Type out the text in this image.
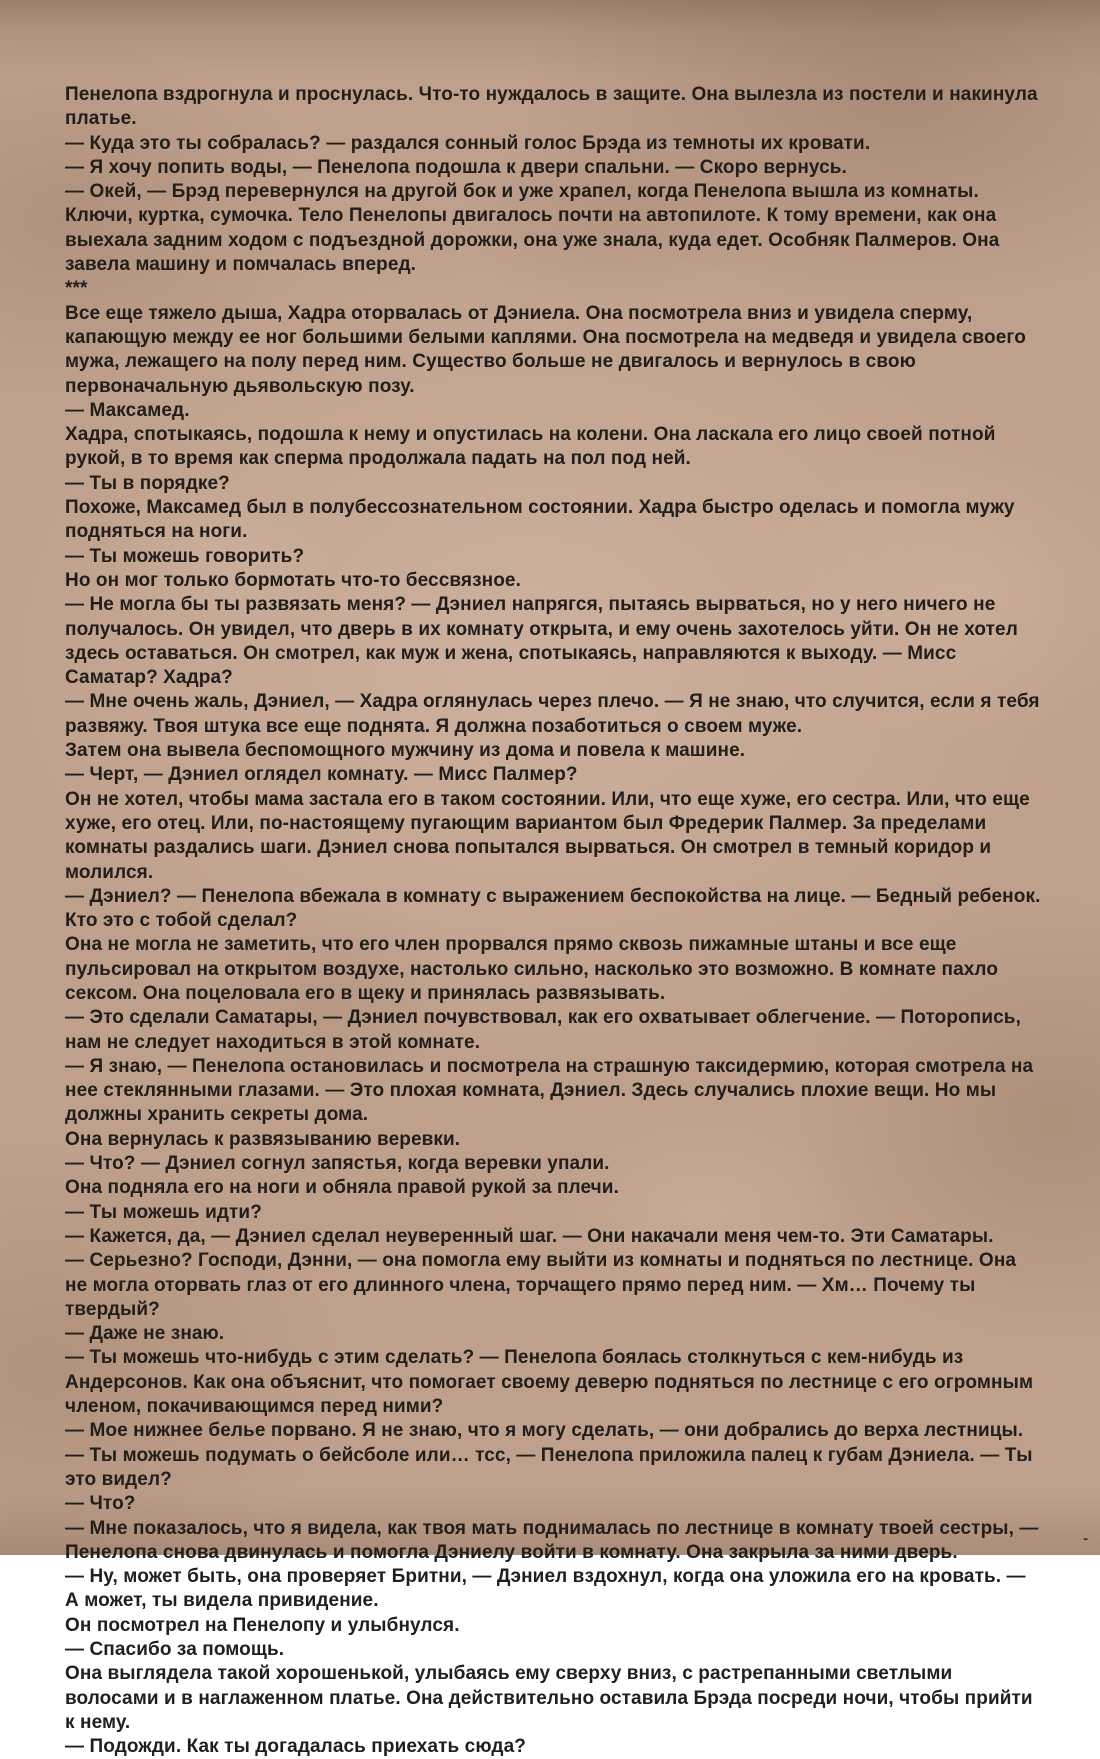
Пенелопа вздрогнула и проснулась. Что-то нуждалось в защите. Она вылезла из постели и накинула платье.

— Куда это ты собралась? — раздался сонный голос Брэда из темноты их кровати.

— Я хочу попить воды, — Пенелопа подошла к двери спальни. — Скоро вернусь.

— Окей, — Брэд перевернулся на другой бок и уже храпел, когда Пенелопа вышла из комнаты.

Ключи, куртка, сумочка. Тело Пенелопы двигалось почти на автопилоте. К тому времени, как она выехала задним ходом с подъездной дорожки, она уже знала, куда едет. Особняк Палмеров. Она завела машину и помчалась вперед.

***

Все еще тяжело дыша, Хадра оторвалась от Дэниела. Она посмотрела вниз и увидела сперму, капающую между ее ног большими белыми каплями. Она посмотрела на медведя и увидела своего мужа, лежащего на полу перед ним. Существо больше не двигалось и вернулось в свою первоначальную дьявольскую позу.

— Максамед.

Хадра, спотыкаясь, подошла к нему и опустилась на колени. Она ласкала его лицо своей потной рукой, в то время как сперма продолжала падать на пол под ней.

— Ты в порядке?

Похоже, Максамед был в полубессознательном состоянии. Хадра быстро оделась и помогла мужу подняться на ноги.

— Ты можешь говорить?

Но он мог только бормотать что-то бессвязное.

— Не могла бы ты развязать меня? — Дэниел напрягся, пытаясь вырваться, но у него ничего не получалось. Он увидел, что дверь в их комнату открыта, и ему очень захотелось уйти. Он не хотел здесь оставаться. Он смотрел, как муж и жена, спотыкаясь, направляются к выходу. — Мисс Саматар? Хадра?

— Мне очень жаль, Дэниел, — Хадра оглянулась через плечо. — Я не знаю, что случится, если я тебя развяжу. Твоя штука все еще поднята. Я должна позаботиться о своем муже.

Затем она вывела беспомощного мужчину из дома и повела к машине.

— Черт, — Дэниел оглядел комнату. — Мисс Палмер?

Он не хотел, чтобы мама застала его в таком состоянии. Или, что еще хуже, его сестра. Или, что еще хуже, его отец. Или, по-настоящему пугающим вариантом был Фредерик Палмер. За пределами комнаты раздались шаги. Дэниел снова попытался вырваться. Он смотрел в темный коридор и молился.

— Дэниел? — Пенелопа вбежала в комнату с выражением беспокойства на лице. — Бедный ребенок. Кто это с тобой сделал?

Она не могла не заметить, что его член прорвался прямо сквозь пижамные штаны и все еще пульсировал на открытом воздухе, настолько сильно, насколько это возможно. В комнате пахло сексом. Она поцеловала его в щеку и принялась развязывать.

— Это сделали Саматары, — Дэниел почувствовал, как его охватывает облегчение. — Поторопись, нам не следует находиться в этой комнате.

— Я знаю, — Пенелопа остановилась и посмотрела на страшную таксидермию, которая смотрела на нее стеклянными глазами. — Это плохая комната, Дэниел. Здесь случались плохие вещи. Но мы должны хранить секреты дома.

Она вернулась к развязыванию веревки.

— Что? — Дэниел согнул запястья, когда веревки упали.

Она подняла его на ноги и обняла правой рукой за плечи.

— Ты можешь идти?

— Кажется, да, — Дэниел сделал неуверенный шаг. — Они накачали меня чем-то. Эти Саматары.

— Серьезно? Господи, Дэнни, — она помогла ему выйти из комнаты и подняться по лестнице. Она не могла оторвать глаз от его длинного члена, торчащего прямо перед ним. — Хм… Почему ты твердый?

— Даже не знаю.

— Ты можешь что-нибудь с этим сделать? — Пенелопа боялась столкнуться с кем-нибудь из Андерсонов. Как она объяснит, что помогает своему деверю подняться по лестнице с его огромным членом, покачивающимся перед ними?

— Мое нижнее белье порвано. Я не знаю, что я могу сделать, — они добрались до верха лестницы.

— Ты можешь подумать о бейсболе или… тсс, — Пенелопа приложила палец к губам Дэниела. — Ты это видел?

— Что?

— Мне показалось, что я видела, как твоя мать поднималась по лестнице в комнату твоей сестры, — Пенелопа снова двинулась и помогла Дэниелу войти в комнату. Она закрыла за ними дверь.

— Ну, может быть, она проверяет Бритни, — Дэниел вздохнул, когда она уложила его на кровать. — А может, ты видела привидение.

Он посмотрел на Пенелопу и улыбнулся.

— Спасибо за помощь.

Она выглядела такой хорошенькой, улыбаясь ему сверху вниз, с растрепанными светлыми волосами и в наглаженном платье. Она действительно оставила Брэда посреди ночи, чтобы прийти к нему.

— Подожди. Как ты догадалась приехать сюда?

-
